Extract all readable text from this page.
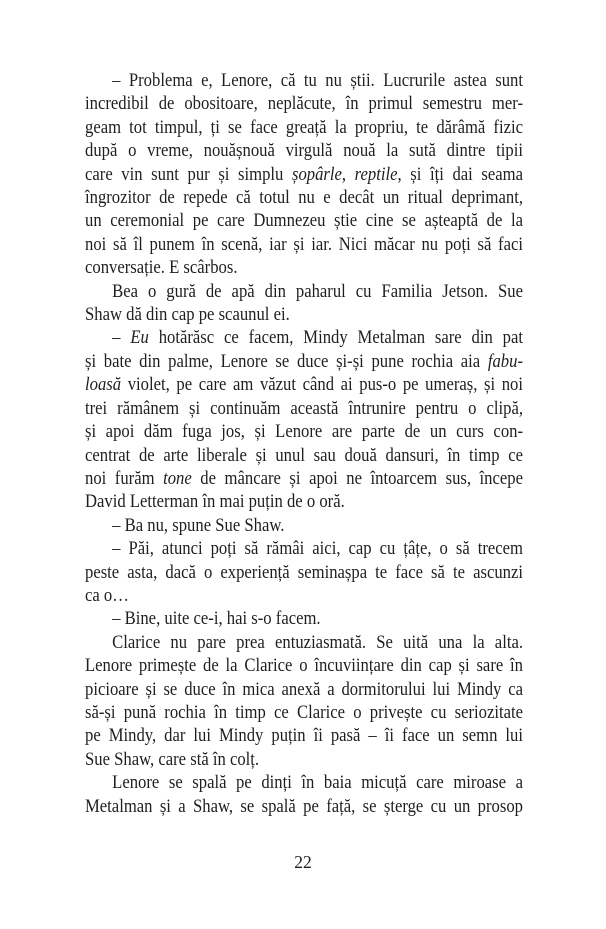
– Problema e, Lenore, că tu nu știi. Lucrurile astea sunt
incredibil de obositoare, neplăcute, în primul semestru mer-
geam tot timpul, ți se face greață la propriu, te dărâmă fizic
după o vreme, nouășnouă virgulă nouă la sută dintre tipii
care vin sunt pur și simplu șopârle, reptile, și îți dai seama
îngrozitor de repede că totul nu e decât un ritual deprimant,
un ceremonial pe care Dumnezeu știe cine se așteaptă de la
noi să îl punem în scenă, iar și iar. Nici măcar nu poți să faci
conversație. E scârbos.
Bea o gură de apă din paharul cu Familia Jetson. Sue
Shaw dă din cap pe scaunul ei.
– Eu hotărăsc ce facem, Mindy Metalman sare din pat
și bate din palme, Lenore se duce și-și pune rochia aia fabu-
loasă violet, pe care am văzut când ai pus-o pe umeraș, și noi
trei rămânem și continuăm această întrunire pentru o clipă,
și apoi dăm fuga jos, și Lenore are parte de un curs con-
centrat de arte liberale și unul sau două dansuri, în timp ce
noi furăm tone de mâncare și apoi ne întoarcem sus, începe
David Letterman în mai puțin de o oră.
– Ba nu, spune Sue Shaw.
– Păi, atunci poți să rămâi aici, cap cu țâțe, o să trecem
peste asta, dacă o experiență seminașpa te face să te ascunzi
ca o…
– Bine, uite ce-i, hai s-o facem.
Clarice nu pare prea entuziasmată. Se uită una la alta.
Lenore primește de la Clarice o încuviințare din cap și sare în
picioare și se duce în mica anexă a dormitorului lui Mindy ca
să-și pună rochia în timp ce Clarice o privește cu seriozitate
pe Mindy, dar lui Mindy puțin îi pasă – îi face un semn lui
Sue Shaw, care stă în colț.
Lenore se spală pe dinți în baia micuță care miroase a
Metalman și a Shaw, se spală pe față, se șterge cu un prosop
22
